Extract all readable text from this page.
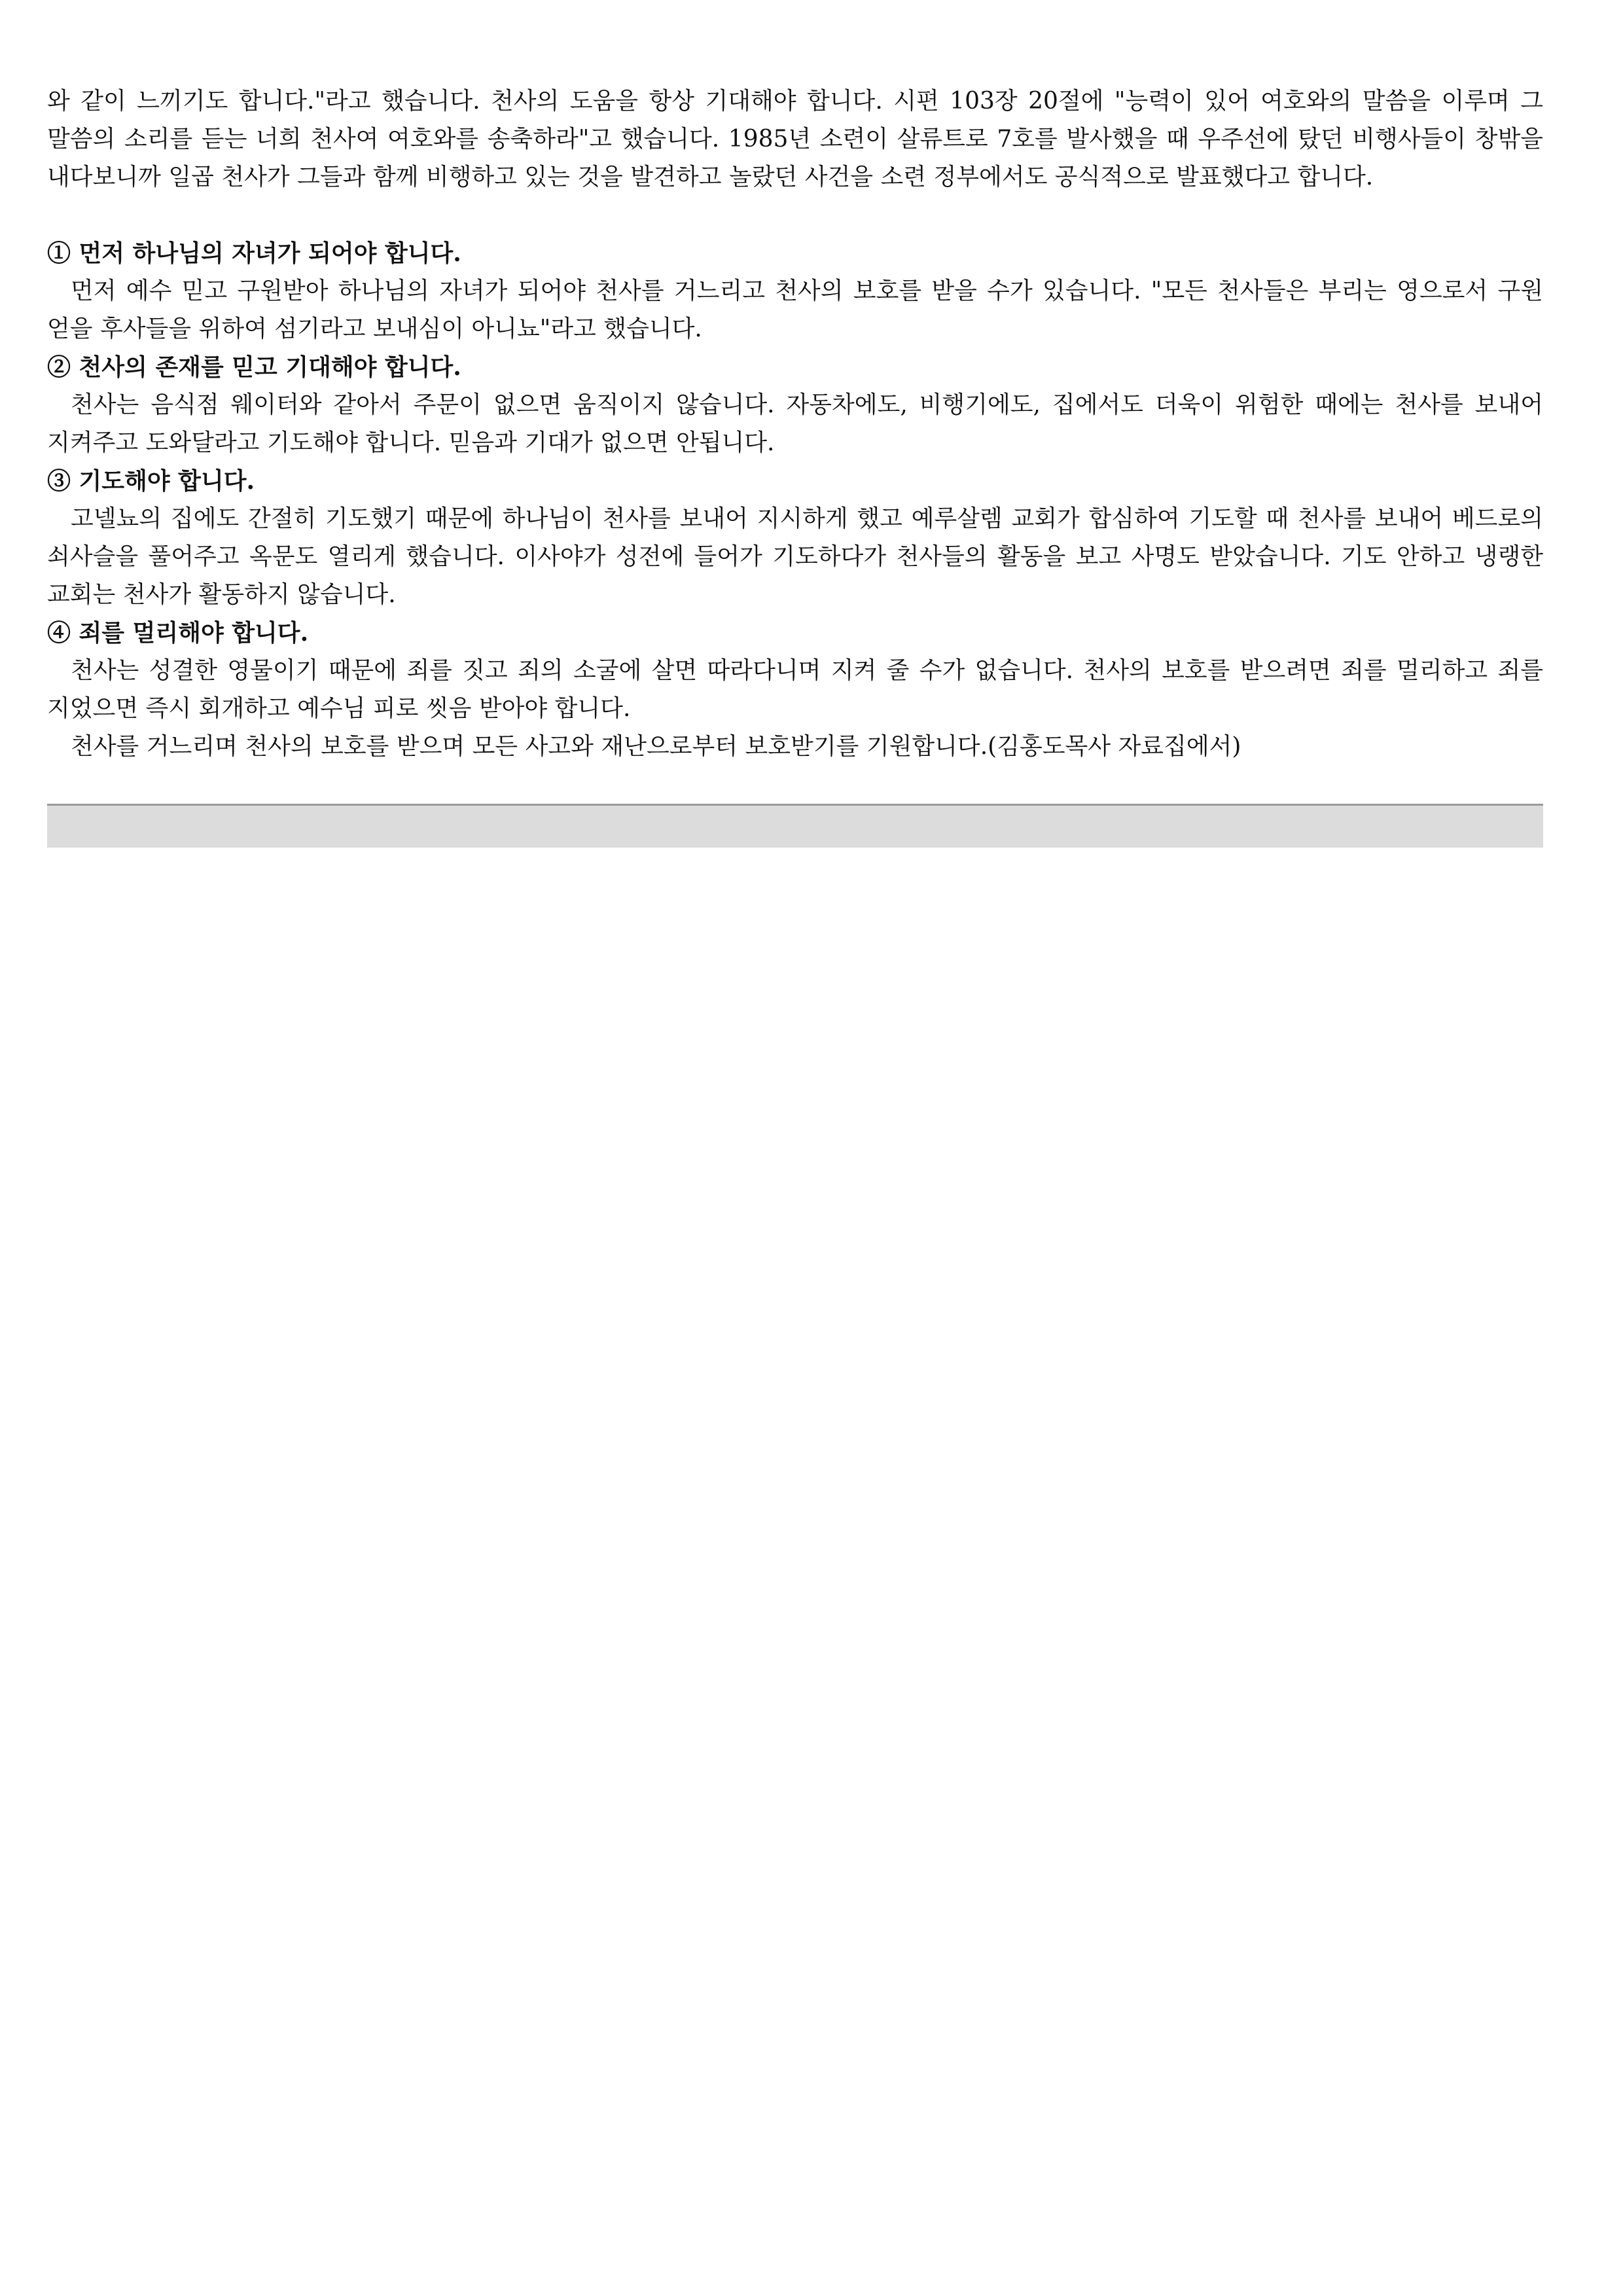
와 같이 느끼기도 합니다."라고 했습니다. 천사의 도움을 항상 기대해야 합니다. 시편 103장 20절에 "능력이 있어 여호와의 말씀을 이루며 그 말씀의 소리를 듣는 너희 천사여 여호와를 송축하라"고 했습니다. 1985년 소련이 살류트로 7호를 발사했을 때 우주선에 탔던 비행사들이 창밖을 내다보니까 일곱 천사가 그들과 함께 비행하고 있는 것을 발견하고 놀랐던 사건을 소련 정부에서도 공식적으로 발표했다고 합니다.

① 먼저 하나님의 자녀가 되어야 합니다.

먼저 예수 믿고 구원받아 하나님의 자녀가 되어야 천사를 거느리고 천사의 보호를 받을 수가 있습니다. "모든 천사들은 부리는 영으로서 구원 얻을 후사들을 위하여 섬기라고 보내심이 아니뇨"라고 했습니다.

② 천사의 존재를 믿고 기대해야 합니다.

천사는 음식점 웨이터와 같아서 주문이 없으면 움직이지 않습니다. 자동차에도, 비행기에도, 집에서도 더욱이 위험한 때에는 천사를 보내어 지켜주고 도와달라고 기도해야 합니다. 믿음과 기대가 없으면 안됩니다.

③ 기도해야 합니다.

고넬뇨의 집에도 간절히 기도했기 때문에 하나님이 천사를 보내어 지시하게 했고 예루살렘 교회가 합심하여 기도할 때 천사를 보내어 베드로의 쇠사슬을 풀어주고 옥문도 열리게 했습니다. 이사야가 성전에 들어가 기도하다가 천사들의 활동을 보고 사명도 받았습니다. 기도 안하고 냉랭한 교회는 천사가 활동하지 않습니다.

④ 죄를 멀리해야 합니다.

천사는 성결한 영물이기 때문에 죄를 짓고 죄의 소굴에 살면 따라다니며 지켜 줄 수가 없습니다. 천사의 보호를 받으려면 죄를 멀리하고 죄를 지었으면 즉시 회개하고 예수님 피로 씻음 받아야 합니다.

천사를 거느리며 천사의 보호를 받으며 모든 사고와 재난으로부터 보호받기를 기원합니다.(김홍도목사 자료집에서)
